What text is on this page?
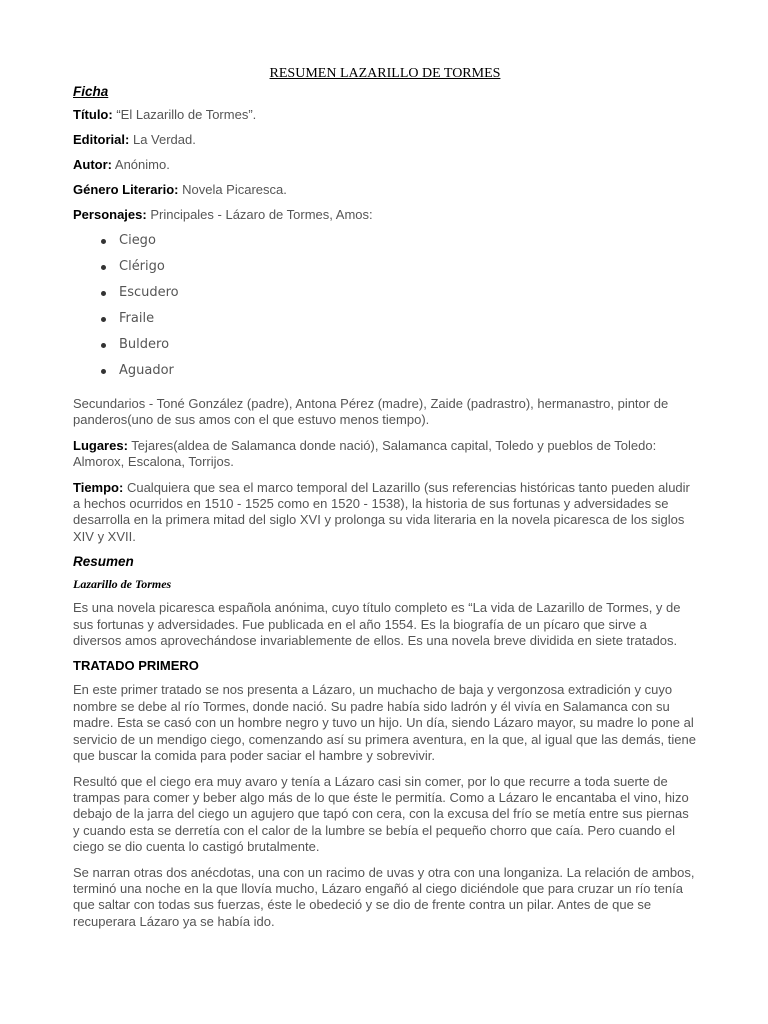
RESUMEN LAZARILLO DE TORMES
Ficha
Título: “El Lazarillo de Tormes”.
Editorial: La Verdad.
Autor: Anónimo.
Género Literario: Novela Picaresca.
Personajes: Principales - Lázaro de Tormes, Amos:
Ciego
Clérigo
Escudero
Fraile
Buldero
Aguador

Secundarios - Toné González (padre), Antona Pérez (madre), Zaide (padrastro), hermanastro, pintor de panderos(uno de sus amos con el que estuvo menos tiempo).

Lugares: Tejares(aldea de Salamanca donde nació), Salamanca capital, Toledo y pueblos de Toledo: Almorox, Escalona, Torrijos.

Tiempo: Cualquiera que sea el marco temporal del Lazarillo (sus referencias históricas tanto pueden aludir a hechos ocurridos en 1510 - 1525 como en 1520 - 1538), la historia de sus fortunas y adversidades se desarrolla en la primera mitad del siglo XVI y prolonga su vida literaria en la novela picaresca de los siglos XIV y XVII.

Resumen
Lazarillo de Tormes

Es una novela picaresca española anónima, cuyo título completo es “La vida de Lazarillo de Tormes, y de sus fortunas y adversidades. Fue publicada en el año 1554. Es la biografía de un pícaro que sirve a diversos amos aprovechándose invariablemente de ellos. Es una novela breve dividida en siete tratados.

TRATADO PRIMERO

En este primer tratado se nos presenta a Lázaro, un muchacho de baja y vergonzosa extradición y cuyo nombre se debe al río Tormes, donde nació. Su padre había sido ladrón y él vivía en Salamanca con su madre. Esta se casó con un hombre negro y tuvo un hijo. Un día, siendo Lázaro mayor, su madre lo pone al servicio de un mendigo ciego, comenzando así su primera aventura, en la que, al igual que las demás, tiene que buscar la comida para poder saciar el hambre y sobrevivir.

Resultó que el ciego era muy avaro y tenía a Lázaro casi sin comer, por lo que recurre a toda suerte de trampas para comer y beber algo más de lo que éste le permitía. Como a Lázaro le encantaba el vino, hizo debajo de la jarra del ciego un agujero que tapó con cera, con la excusa del frío se metía entre sus piernas y cuando esta se derretía con el calor de la lumbre se bebía el pequeño chorro que caía. Pero cuando el ciego se dio cuenta lo castigó brutalmente.

Se narran otras dos anécdotas, una con un racimo de uvas y otra con una longaniza. La relación de ambos, terminó una noche en la que llovía mucho, Lázaro engañó al ciego diciéndole que para cruzar un río tenía que saltar con todas sus fuerzas, éste le obedeció y se dio de frente contra un pilar. Antes de que se recuperara Lázaro ya se había ido.
